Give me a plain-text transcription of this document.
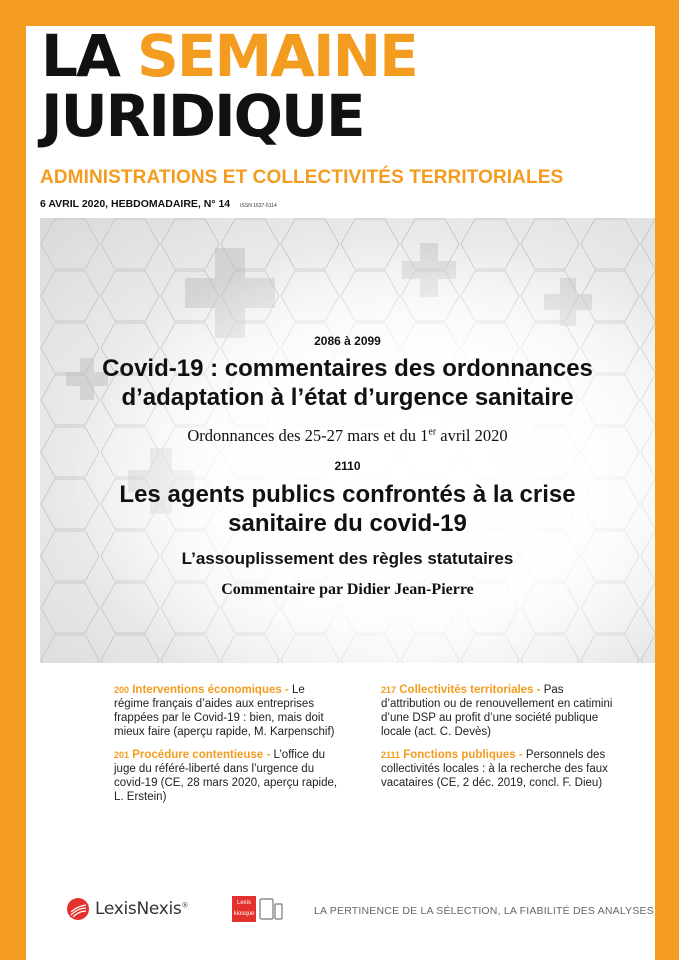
LA SEMAINE
JURIDIQUE
ADMINISTRATIONS ET COLLECTIVITÉS TERRITORIALES
6 AVRIL 2020, HEBDOMADAIRE, N° 14 ISSN 1637-5114
2086 à 2099
Covid-19 : commentaires des ordonnances
d’adaptation à l’état d’urgence sanitaire
Ordonnances des 25-27 mars et du 1er avril 2020
2110
Les agents publics confrontés à la crise
sanitaire du covid-19
L’assouplissement des règles statutaires
Commentaire par Didier Jean-Pierre
200 Interventions économiques - Le régime français d’aides aux entreprises frappées par le Covid-19 : bien, mais doit mieux faire (aperçu rapide, M. Karpenschif)
201 Procédure contentieuse - L’office du juge du référé-liberté dans l’urgence du covid-19 (CE, 28 mars 2020, aperçu rapide, L. Erstein)
217 Collectivités territoriales - Pas d’attribution ou de renouvellement en catimini d’une DSP au profit d’une société publique locale (act. C. Devès)
2111 Fonctions publiques - Personnels des collectivités locales : à la recherche des faux vacataires (CE, 2 déc. 2019, concl. F. Dieu)
LexisNexis®	Lexis
kiosque	LA PERTINENCE DE LA SÉLECTION, LA FIABILITÉ DES ANALYSES
